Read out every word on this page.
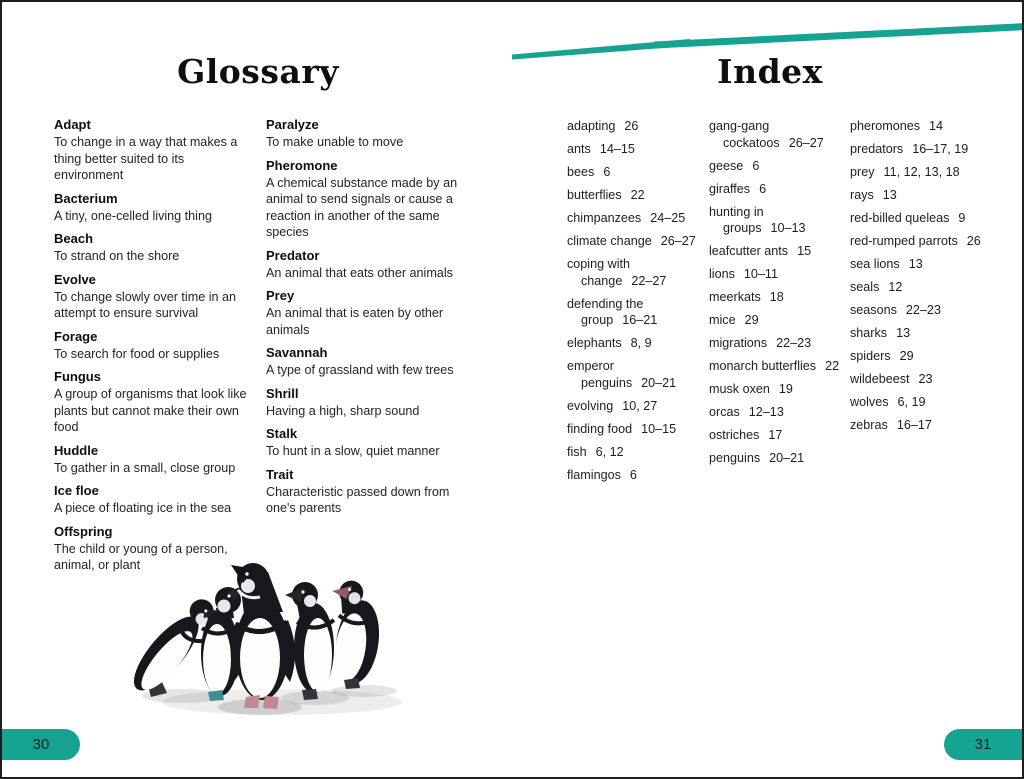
Glossary	Index
Adapt
To change in a way that makes a thing better suited to its environment
Bacterium
A tiny, one-celled living thing
Beach
To strand on the shore
Evolve
To change slowly over time in an attempt to ensure survival
Forage
To search for food or supplies
Fungus
A group of organisms that look like plants but cannot make their own food
Huddle
To gather in a small, close group
Ice floe
A piece of floating ice in the sea
Offspring
The child or young of a person, animal, or plant
Paralyze
To make unable to move
Pheromone
A chemical substance made by an animal to send signals or cause a reaction in another of the same species
Predator
An animal that eats other animals
Prey
An animal that is eaten by other animals
Savannah
A type of grassland with few trees
Shrill
Having a high, sharp sound
Stalk
To hunt in a slow, quiet manner
Trait
Characteristic passed down from one's parents
adapting 26
ants 14–15
bees 6
butterflies 22
chimpanzees 24–25
climate change 26–27
coping with change 22–27
defending the group 16–21
elephants 8, 9
emperor penguins 20–21
evolving 10, 27
finding food 10–15
fish 6, 12
flamingos 6
gang-gang cockatoos 26–27
geese 6
giraffes 6
hunting in groups 10–13
leafcutter ants 15
lions 10–11
meerkats 18
mice 29
migrations 22–23
monarch butterflies 22
musk oxen 19
orcas 12–13
ostriches 17
penguins 20–21
pheromones 14
predators 16–17, 19
prey 11, 12, 13, 18
rays 13
red-billed queleas 9
red-rumped parrots 26
sea lions 13
seals 12
seasons 22–23
sharks 13
spiders 29
wildebeest 23
wolves 6, 19
zebras 16–17
30	31
